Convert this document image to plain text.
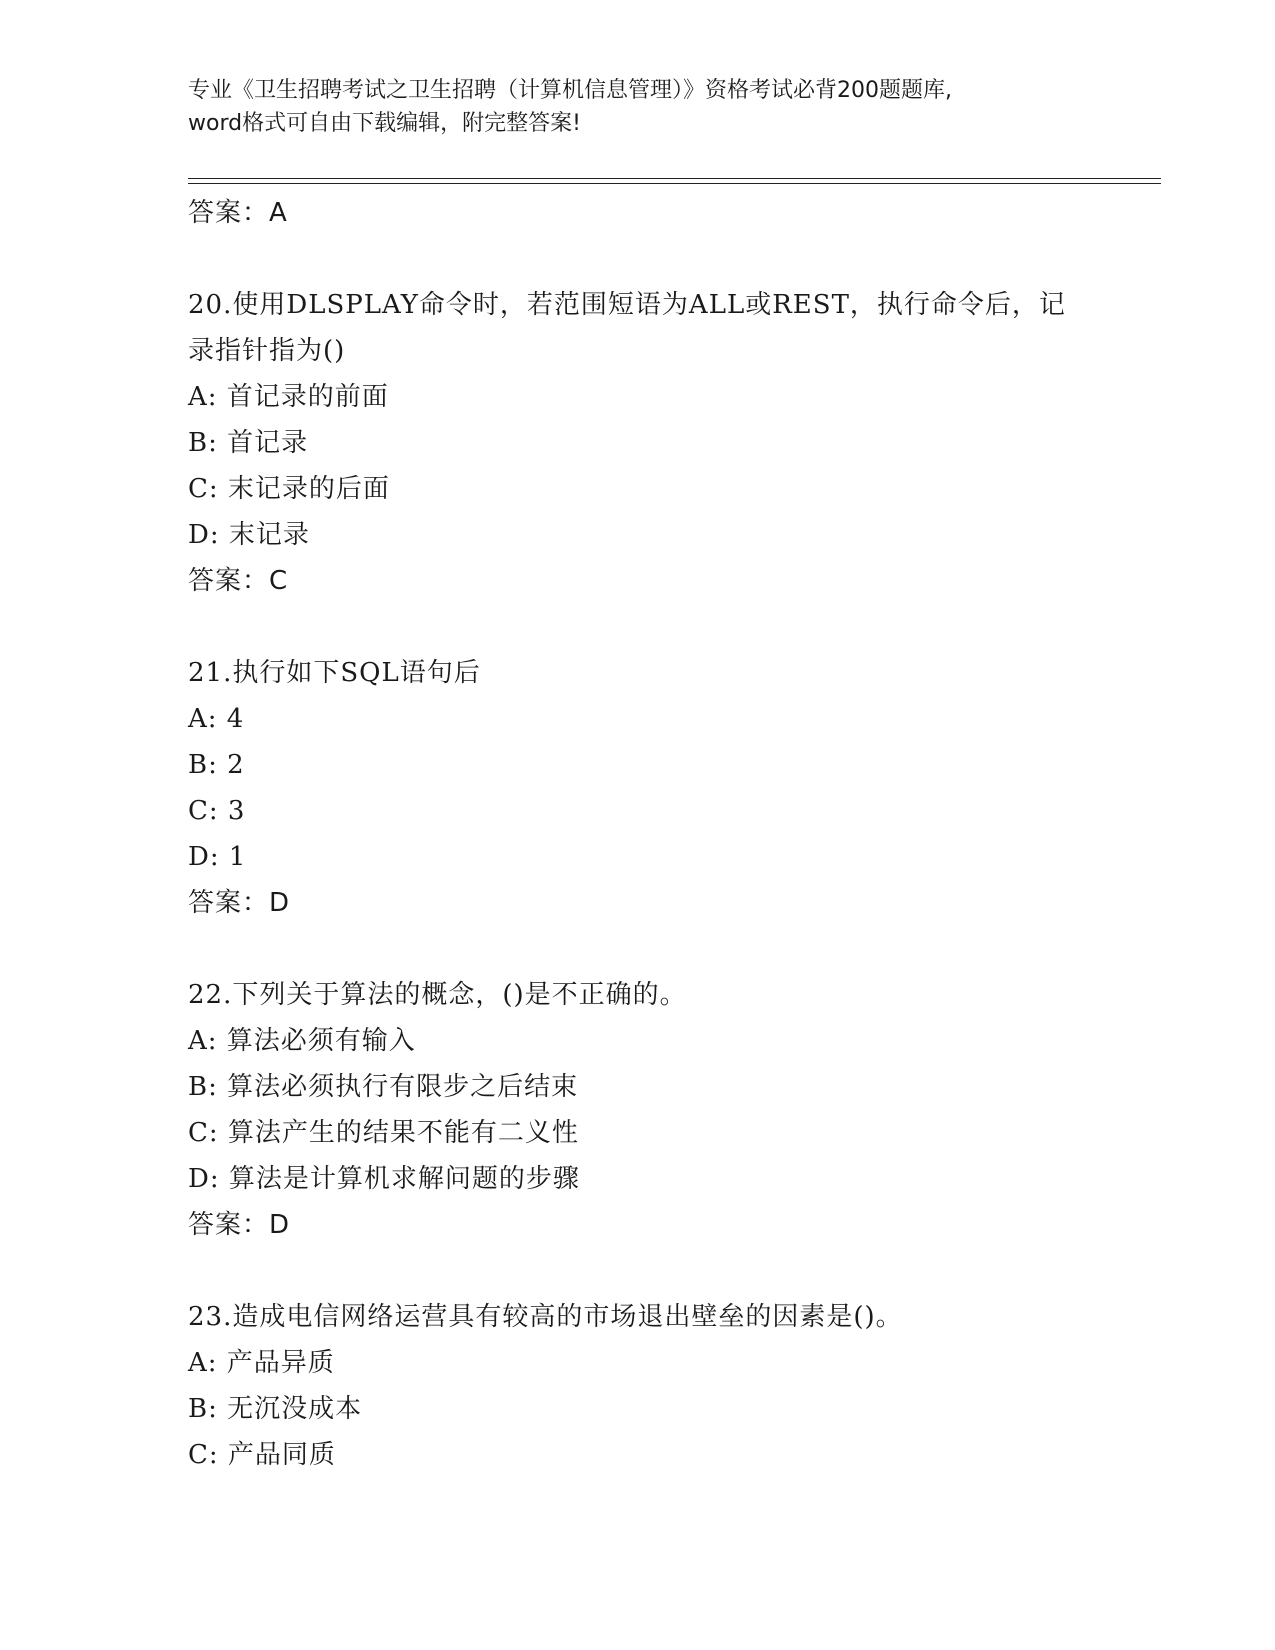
专业《卫生招聘考试之卫生招聘（计算机信息管理）》资格考试必背200题题库,
word格式可自由下载编辑，附完整答案!
答案：A
20.使用DLSPLAY命令时，若范围短语为ALL或REST，执行命令后，记
录指针指为()
A: 首记录的前面
B: 首记录
C: 末记录的后面
D: 末记录
答案：C
21.执行如下SQL语句后
A: 4
B: 2
C: 3
D: 1
答案：D
22.下列关于算法的概念，()是不正确的。
A: 算法必须有输入
B: 算法必须执行有限步之后结束
C: 算法产生的结果不能有二义性
D: 算法是计算机求解问题的步骤
答案：D
23.造成电信网络运营具有较高的市场退出壁垒的因素是()。
A: 产品异质
B: 无沉没成本
C: 产品同质
